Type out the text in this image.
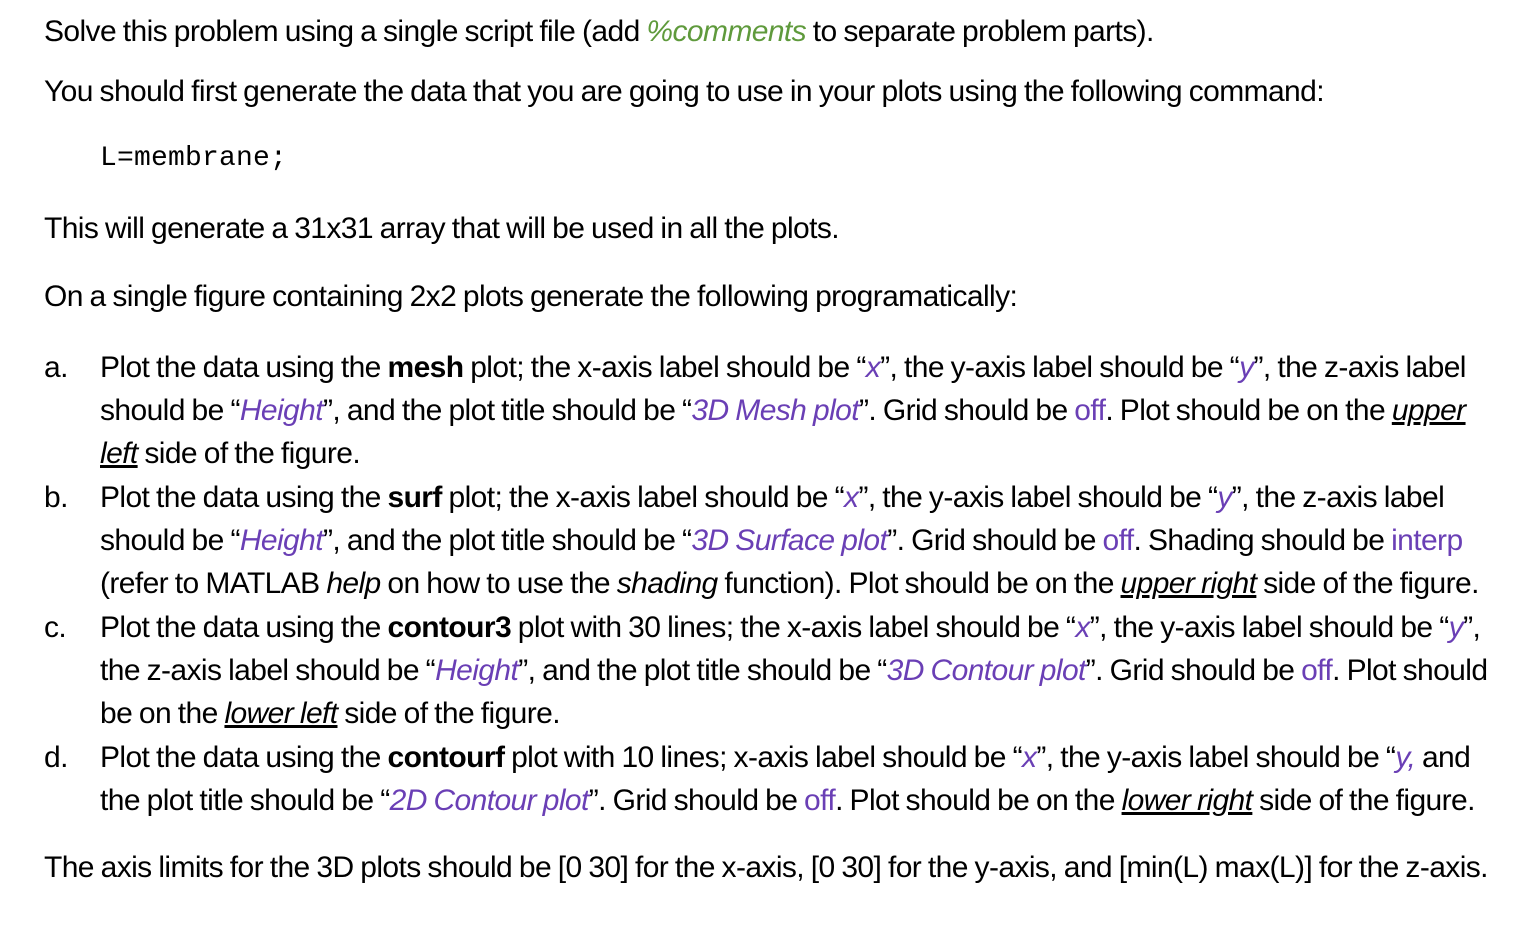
Solve this problem using a single script file (add %comments to separate problem parts).
You should first generate the data that you are going to use in your plots using the following command:
L=membrane;
This will generate a 31x31 array that will be used in all the plots.
On a single figure containing 2x2 plots generate the following programatically:
a. Plot the data using the mesh plot; the x-axis label should be “x”, the y-axis label should be “y”, the z-axis label
should be “Height”, and the plot title should be “3D Mesh plot”. Grid should be off. Plot should be on the upper
left side of the figure.
b. Plot the data using the surf plot; the x-axis label should be “x”, the y-axis label should be “y”, the z-axis label
should be “Height”, and the plot title should be “3D Surface plot”. Grid should be off. Shading should be interp
(refer to MATLAB help on how to use the shading function). Plot should be on the upper right side of the figure.
c. Plot the data using the contour3 plot with 30 lines; the x-axis label should be “x”, the y-axis label should be “y”,
the z-axis label should be “Height”, and the plot title should be “3D Contour plot”. Grid should be off. Plot should
be on the lower left side of the figure.
d. Plot the data using the contourf plot with 10 lines; x-axis label should be “x”, the y-axis label should be “y, and
the plot title should be “2D Contour plot”. Grid should be off. Plot should be on the lower right side of the figure.
The axis limits for the 3D plots should be [0 30] for the x-axis, [0 30] for the y-axis, and [min(L) max(L)] for the z-axis.
